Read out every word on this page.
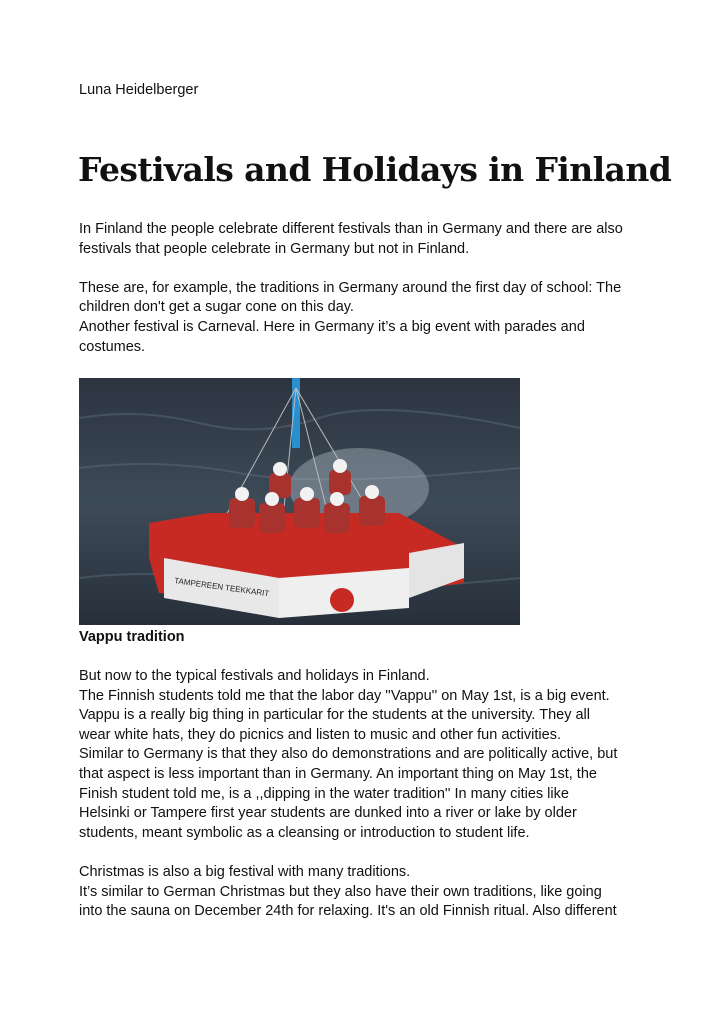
Luna Heidelberger
Festivals and Holidays in Finland
In Finland the people celebrate different festivals than in Germany and there are also
festivals that people celebrate in Germany but not in Finland.
These are, for example, the traditions in Germany around the first day of school: The
children don't get a sugar cone on this day.
Another festival is Carneval. Here in Germany it’s a big event with parades and
costumes.
TAMPEREEN TEEKKARIT
Vappu tradition
But now to the typical festivals and holidays in Finland.
The Finnish students told me that the labor day ''Vappu'' on May 1st, is a big event.
Vappu is a really big thing in particular for the students at the university. They all
wear white hats, they do picnics and listen to music and other fun activities.
Similar to Germany is that they also do demonstrations and are politically active, but
that aspect is less important than in Germany. An important thing on May 1st, the
Finish student told me, is a ,,dipping in the water tradition'' In many cities like
Helsinki or Tampere first year students are dunked into a river or lake by older
students, meant symbolic as a cleansing or introduction to student life.
Christmas is also a big festival with many traditions.
It’s similar to German Christmas but they also have their own traditions, like going
into the sauna on December 24th for relaxing. It's an old Finnish ritual. Also different
